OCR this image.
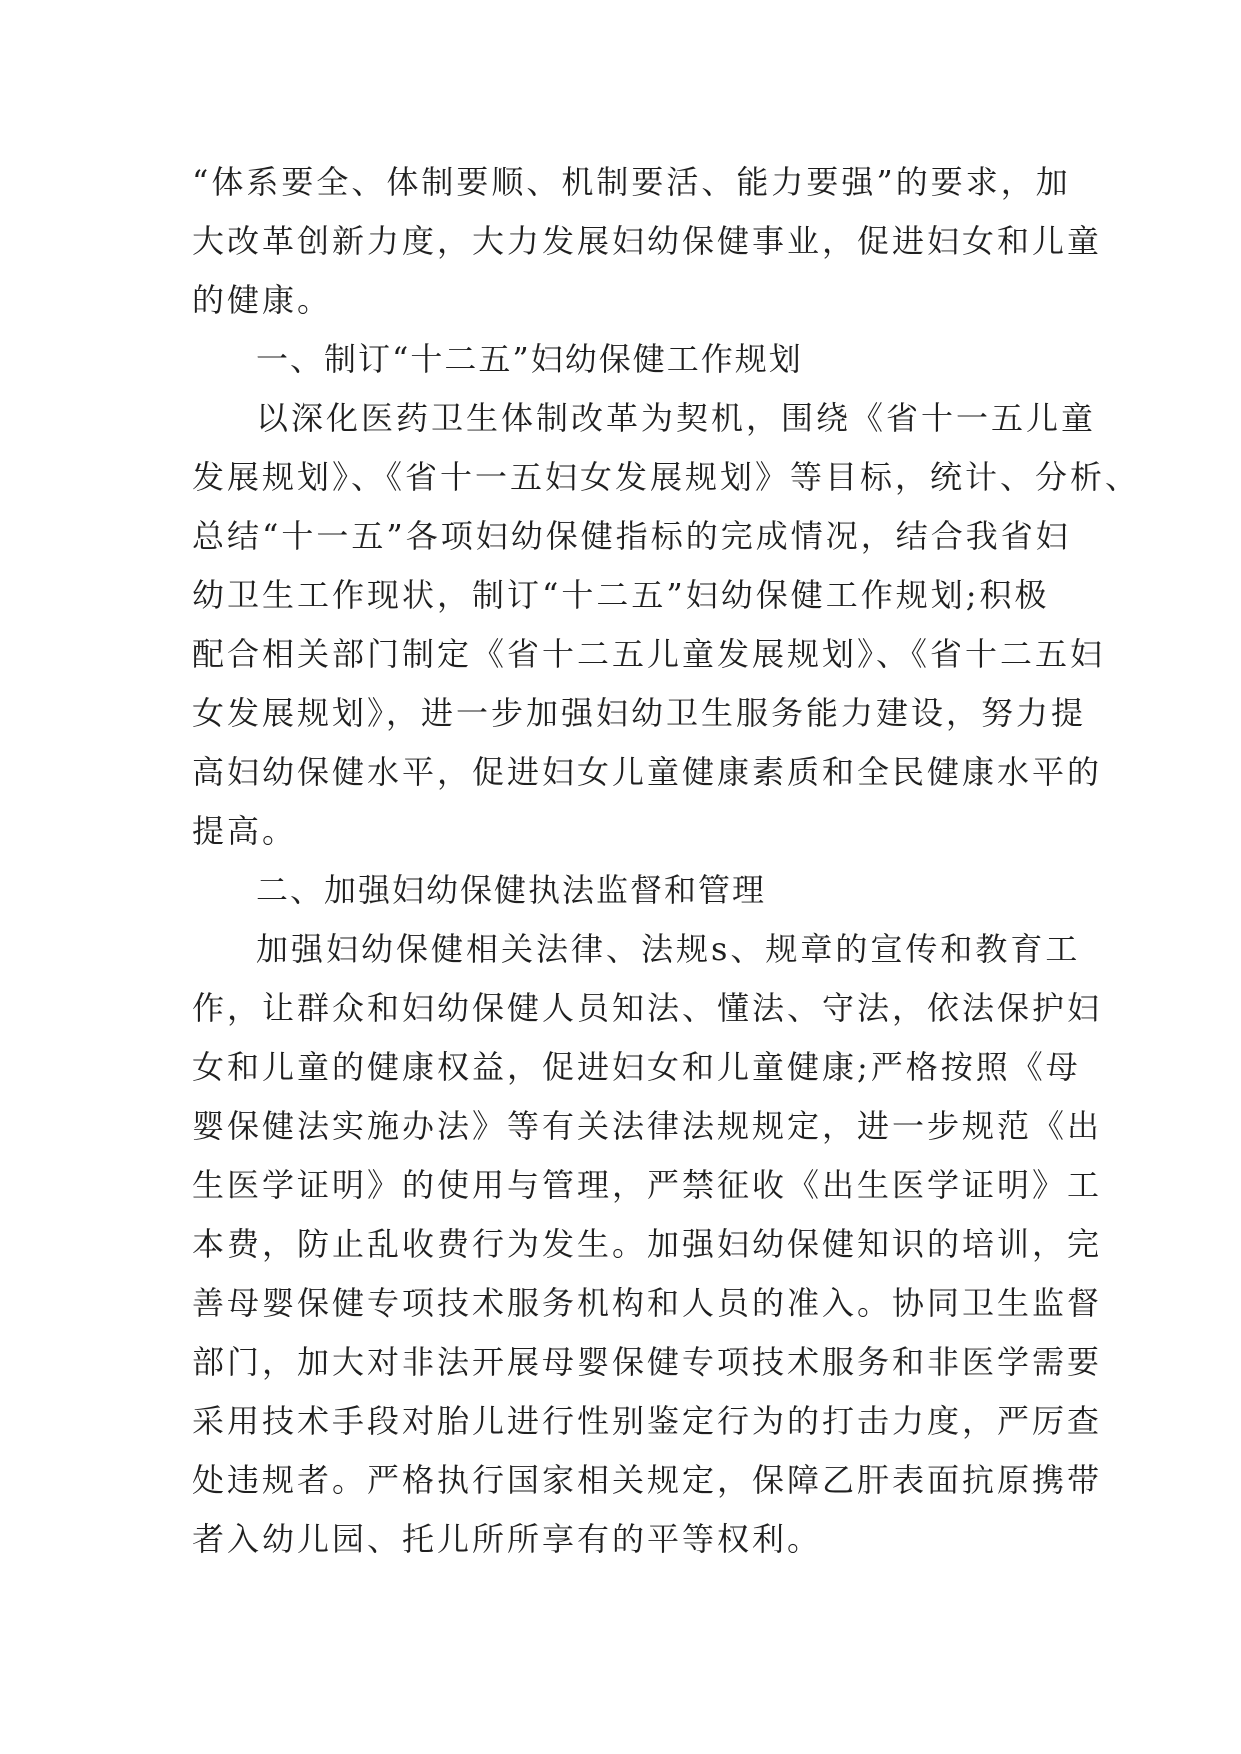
“体系要全、体制要顺、机制要活、能力要强”的要求，加
大改革创新力度，大力发展妇幼保健事业，促进妇女和儿童
的健康。
一、制订“十二五”妇幼保健工作规划
以深化医药卫生体制改革为契机，围绕《省十一五儿童
发展规划》、《省十一五妇女发展规划》等目标，统计、分析、
总结“十一五”各项妇幼保健指标的完成情况，结合我省妇
幼卫生工作现状，制订“十二五”妇幼保健工作规划;积极
配合相关部门制定《省十二五儿童发展规划》、《省十二五妇
女发展规划》，进一步加强妇幼卫生服务能力建设，努力提
高妇幼保健水平，促进妇女儿童健康素质和全民健康水平的
提高。
二、加强妇幼保健执法监督和管理
加强妇幼保健相关法律、法规s、规章的宣传和教育工
作，让群众和妇幼保健人员知法、懂法、守法，依法保护妇
女和儿童的健康权益，促进妇女和儿童健康;严格按照《母
婴保健法实施办法》等有关法律法规规定，进一步规范《出
生医学证明》的使用与管理，严禁征收《出生医学证明》工
本费，防止乱收费行为发生。加强妇幼保健知识的培训，完
善母婴保健专项技术服务机构和人员的准入。协同卫生监督
部门，加大对非法开展母婴保健专项技术服务和非医学需要
采用技术手段对胎儿进行性别鉴定行为的打击力度，严厉查
处违规者。严格执行国家相关规定，保障乙肝表面抗原携带
者入幼儿园、托儿所所享有的平等权利。
